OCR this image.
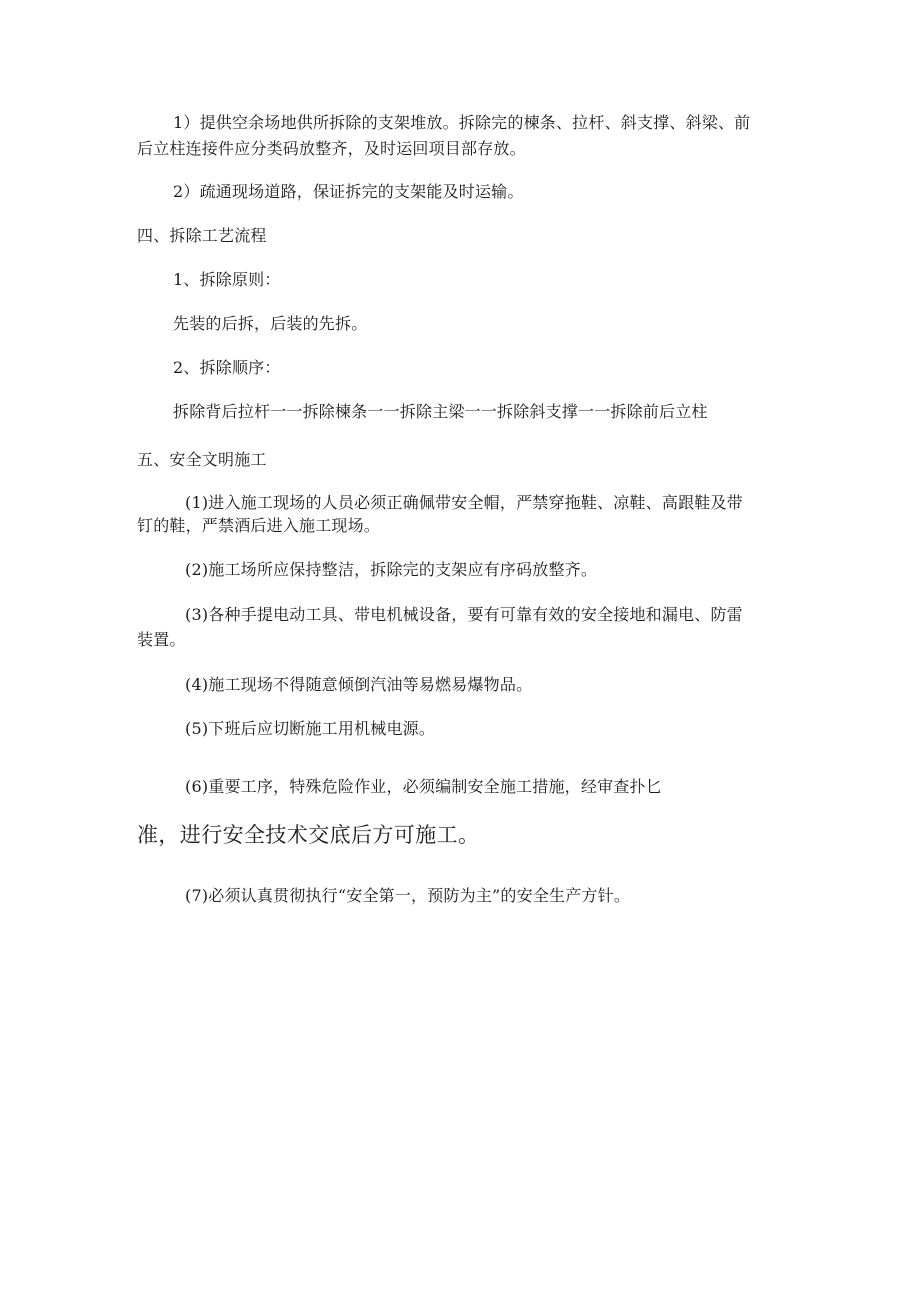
1）提供空余场地供所拆除的支架堆放。拆除完的楝条、拉杆、斜支撑、斜梁、前
后立柱连接件应分类码放整齐，及时运回项目部存放。
2）疏通现场道路，保证拆完的支架能及时运输。
四、拆除工艺流程
1、拆除原则：
先装的后拆，后装的先拆。
2、拆除顺序：
拆除背后拉杆一一拆除楝条一一拆除主梁一一拆除斜支撑一一拆除前后立柱
五、安全文明施工
(1)进入施工现场的人员必须正确佩带安全帽，严禁穿拖鞋、凉鞋、高跟鞋及带
钉的鞋，严禁酒后进入施工现场。
(2)施工场所应保持整洁，拆除完的支架应有序码放整齐。
(3)各种手提电动工具、带电机械设备，要有可靠有效的安全接地和漏电、防雷
装置。
(4)施工现场不得随意倾倒汽油等易燃易爆物品。
(5)下班后应切断施工用机械电源。
(6)重要工序，特殊危险作业，必须编制安全施工措施，经审查扑匕
准，进行安全技术交底后方可施工。
(7)必须认真贯彻执行“安全第一，预防为主”的安全生产方针。
